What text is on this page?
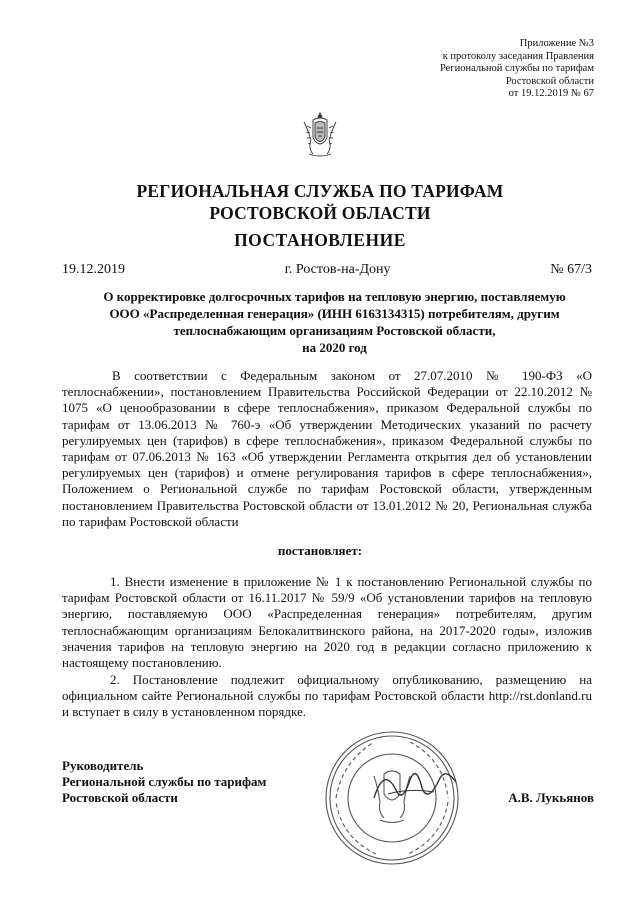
Приложение №3
к протоколу заседания Правления
Региональной службы по тарифам
Ростовской области
от 19.12.2019 № 67
РЕГИОНАЛЬНАЯ СЛУЖБА ПО ТАРИФАМ
РОСТОВСКОЙ ОБЛАСТИ
ПОСТАНОВЛЕНИЕ
19.12.2019	г. Ростов-на-Дону	№ 67/3
О корректировке долгосрочных тарифов на тепловую энергию, поставляемую
ООО «Распределенная генерация» (ИНН 6163134315) потребителям, другим
теплоснабжающим организациям Ростовской области,
на 2020 год

В соответствии с Федеральным законом от 27.07.2010 № 190-ФЗ «О теплоснабжении», постановлением Правительства Российской Федерации от 22.10.2012 № 1075 «О ценообразовании в сфере теплоснабжения», приказом Федеральной службы по тарифам от 13.06.2013 № 760-э «Об утверждении Методических указаний по расчету регулируемых цен (тарифов) в сфере теплоснабжения», приказом Федеральной службы по тарифам от 07.06.2013 № 163 «Об утверждении Регламента открытия дел об установлении регулируемых цен (тарифов) и отмене регулирования тарифов в сфере теплоснабжения», Положением о Региональной службе по тарифам Ростовской области, утвержденным постановлением Правительства Ростовской области от 13.01.2012 № 20, Региональная служба по тарифам Ростовской области

постановляет:

1. Внести изменение в приложение № 1 к постановлению Региональной службы по тарифам Ростовской области от 16.11.2017 № 59/9 «Об установлении тарифов на тепловую энергию, поставляемую ООО «Распределенная генерация» потребителям, другим теплоснабжающим организациям Белокалитвинского района, на 2017-2020 годы», изложив значения тарифов на тепловую энергию на 2020 год в редакции согласно приложению к настоящему постановлению.

2. Постановление подлежит официальному опубликованию, размещению на официальном сайте Региональной службы по тарифам Ростовской области http://rst.donland.ru и вступает в силу в установленном порядке.

Руководитель
Региональной службы по тарифам
Ростовской области	А.В. Лукьянов
